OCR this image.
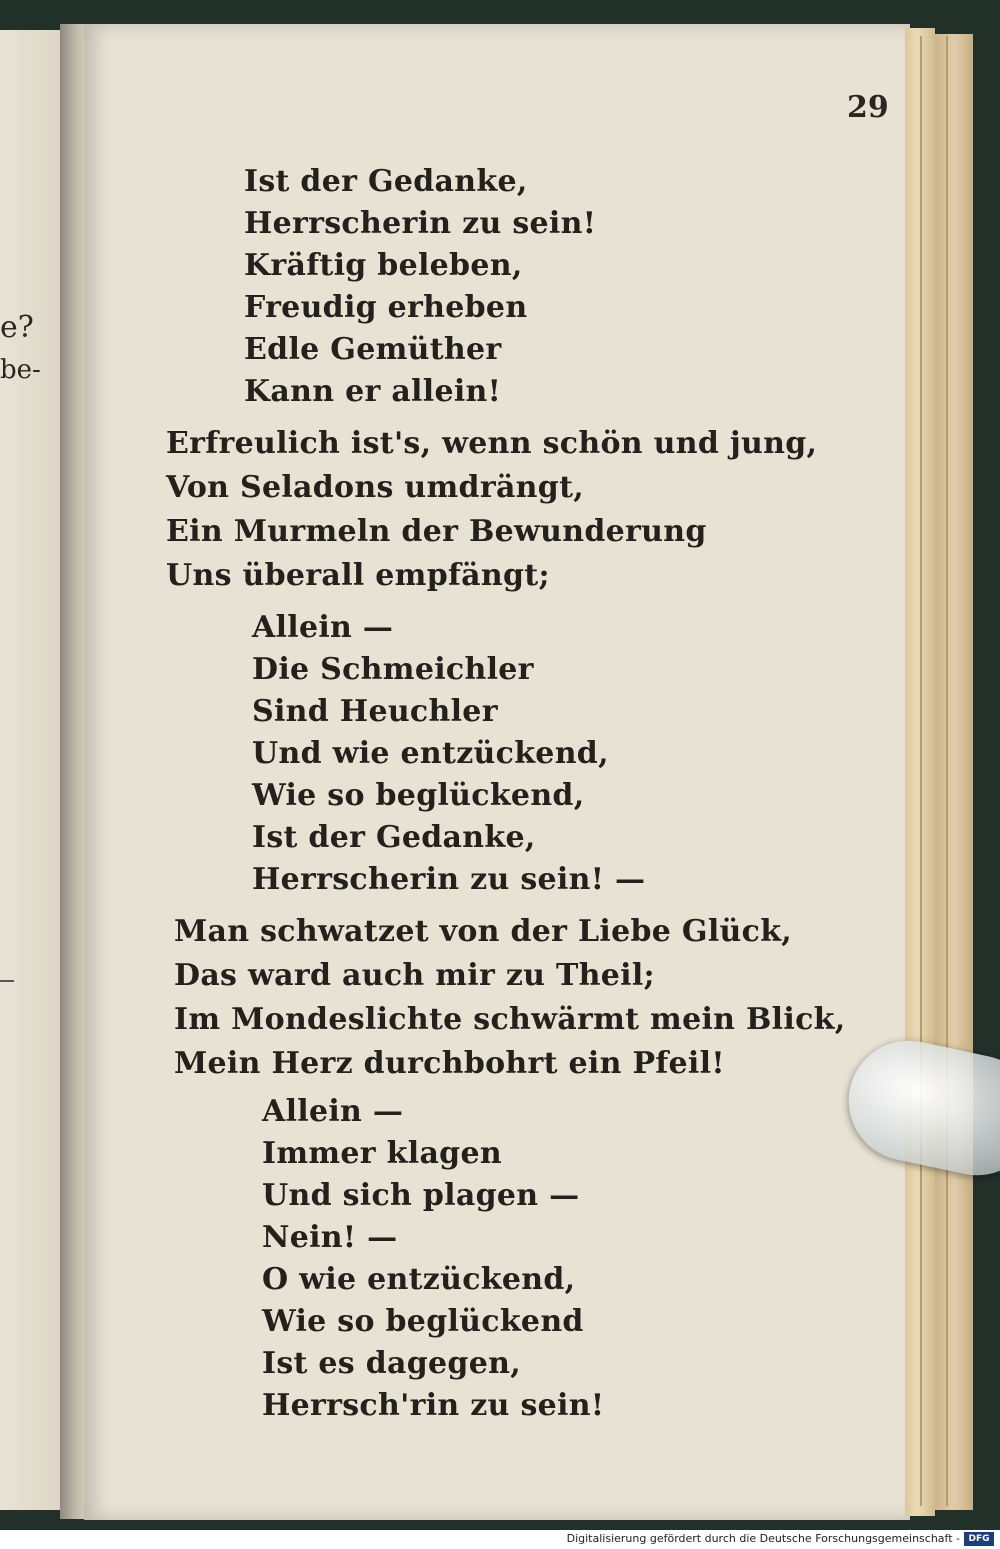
e?
be-
29
Ist der Gedanke,
Herrscherin zu sein!
Kräftig beleben,
Freudig erheben
Edle Gemüther
Kann er allein!
Erfreulich ist's, wenn schön und jung,
Von Seladons umdrängt,
Ein Murmeln der Bewunderung
Uns überall empfängt;
Allein —
Die Schmeichler
Sind Heuchler
Und wie entzückend,
Wie so beglückend,
Ist der Gedanke,
Herrscherin zu sein! —
Man schwatzet von der Liebe Glück,
Das ward auch mir zu Theil;
Im Mondeslichte schwärmt mein Blick,
Mein Herz durchbohrt ein Pfeil!
Allein —
Immer klagen
Und sich plagen —
Nein! —
O wie entzückend,
Wie so beglückend
Ist es dagegen,
Herrsch'rin zu sein!
Digitalisierung gefördert durch die Deutsche Forschungsgemeinschaft - DFG
